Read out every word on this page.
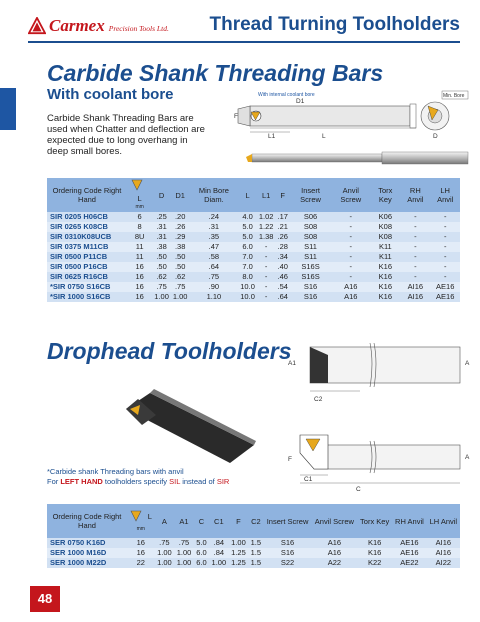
Carmex Precision Tools Ltd. Thread Turning Toolholders
Carbide Shank Threading Bars
With coolant bore
Carbide Shank Threading Bars are used when Chatter and deflection are expected due to long overhang in deep small bores.
With internal coolant bore
D1
F
L1	L
Min. Bore
D
Ordering Code Right Hand	L
mm	D	D1	Min Bore Diam.	L	L1	F	Insert Screw	Anvil Screw	Torx Key	RH Anvil	LH Anvil
SIR 0205 H06CB	6	.25	.20	.24	4.0	1.02	.17	S06	-	K06	-	-
SIR 0265 K08CB	8	.31	.26	.31	5.0	1.22	.21	S08	-	K08	-	-
SIR 0310K08UCB	8U	.31	.29	.35	5.0	1.38	.26	S08	-	K08	-	-
SIR 0375 M11CB	11	.38	.38	.47	6.0	-	.28	S11	-	K11	-	-
SIR 0500 P11CB	11	.50	.50	.58	7.0	-	.34	S11	-	K11	-	-
SIR 0500 P16CB	16	.50	.50	.64	7.0	-	.40	S16S	-	K16	-	-
SIR 0625 R16CB	16	.62	.62	.75	8.0	-	.46	S16S	-	K16	-	-
*SIR 0750 S16CB	16	.75	.75	.90	10.0	-	.54	S16	A16	K16	AI16	AE16
*SIR 1000 S16CB	16	1.00	1.00	1.10	10.0	-	.64	S16	A16	K16	AI16	AE16
*Carbide shank Threading bars with anvil
For LEFT HAND toolholders specify SIL instead of SIR
Drophead Toolholders
A1	A
C2
F	A
C1
C
Ordering Code Right Hand	L
mm	A	A1	C	C1	F	C2	Insert Screw	Anvil Screw	Torx Key	RH Anvil	LH Anvil
SER 0750 K16D	16	.75	.75	5.0	.84	1.00	1.5	S16	A16	K16	AE16	AI16
SER 1000 M16D	16	1.00	1.00	6.0	.84	1.25	1.5	S16	A16	K16	AE16	AI16
SER 1000 M22D	22	1.00	1.00	6.0	1.00	1.25	1.5	S22	A22	K22	AE22	AI22
48
